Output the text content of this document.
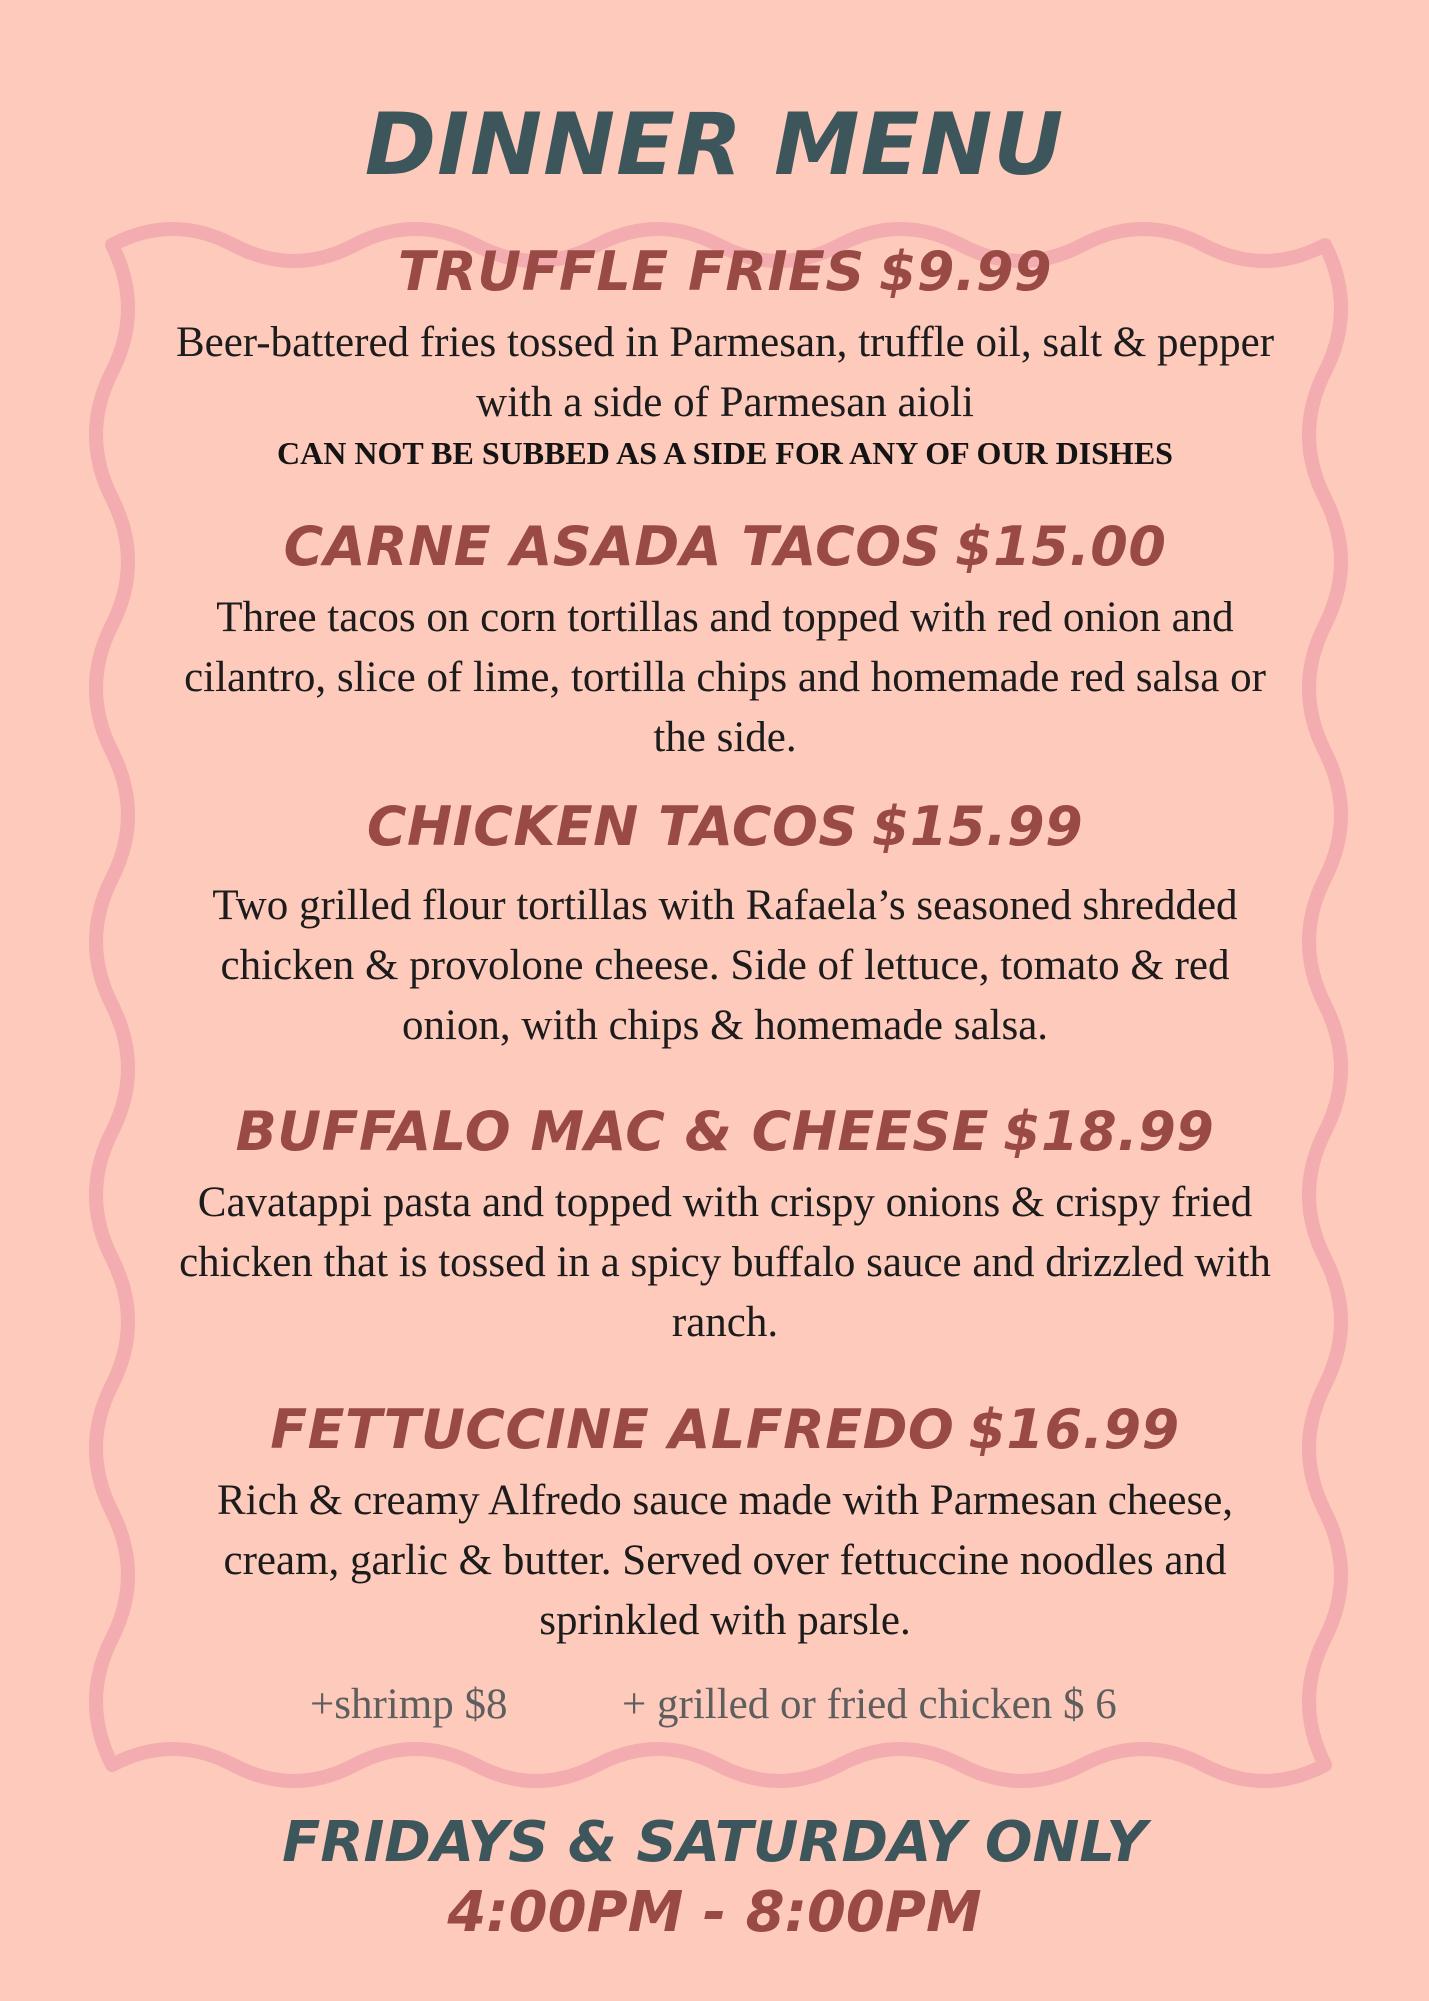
DINNER MENU
TRUFFLE FRIES $9.99
Beer-battered fries tossed in Parmesan, truffle oil, salt & pepper
with a side of Parmesan aioli
CAN NOT BE SUBBED AS A SIDE FOR ANY OF OUR DISHES
CARNE ASADA TACOS $15.00
Three tacos on corn tortillas and topped with red onion and
cilantro, slice of lime, tortilla chips and homemade red salsa or
the side.
CHICKEN TACOS $15.99
Two grilled flour tortillas with Rafaela’s seasoned shredded
chicken & provolone cheese. Side of lettuce, tomato & red
onion, with chips & homemade salsa.
BUFFALO MAC & CHEESE $18.99
Cavatappi pasta and topped with crispy onions & crispy fried
chicken that is tossed in a spicy buffalo sauce and drizzled with
ranch.
FETTUCCINE ALFREDO $16.99
Rich & creamy Alfredo sauce made with Parmesan cheese,
cream, garlic & butter. Served over fettuccine noodles and
sprinkled with parsle.
+shrimp $8	+ grilled or fried chicken $ 6
FRIDAYS & SATURDAY ONLY
4:00PM - 8:00PM
